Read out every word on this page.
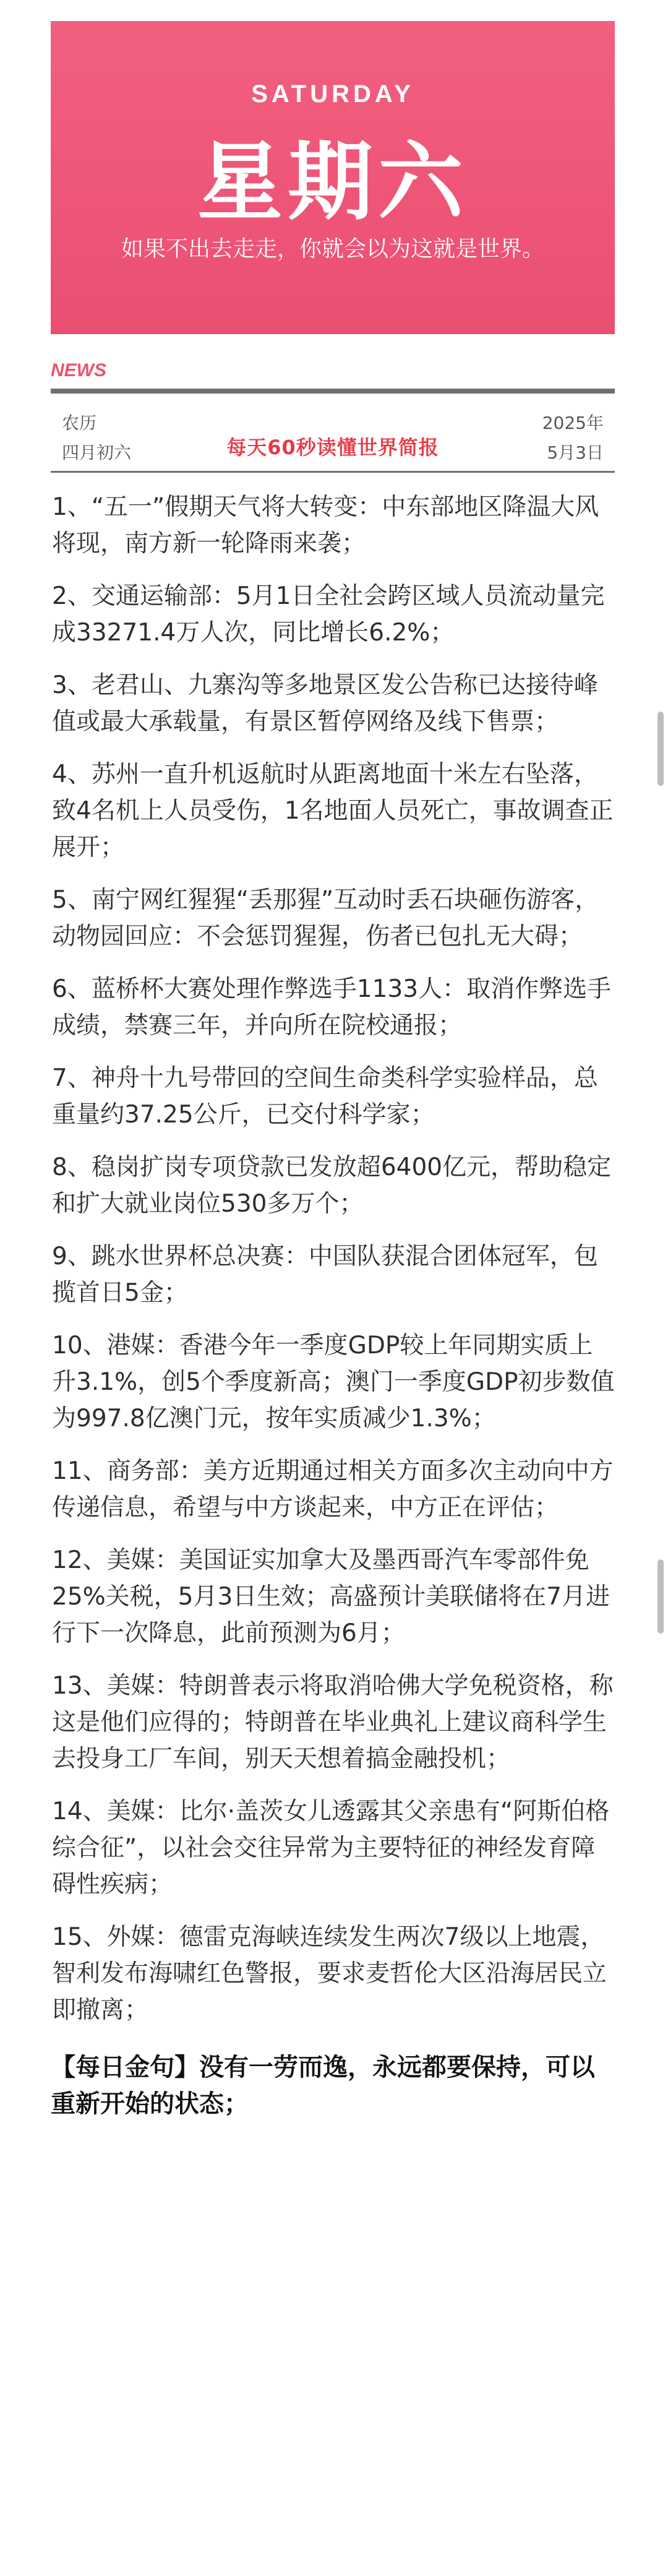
SATURDAY
星期六
如果不出去走走，你就会以为这就是世界。
NEWS
农历
四月初六	每天60秒读懂世界简报
2025年
5月3日
1、“五一”假期天气将大转变：中东部地区降温大风将现，南方新一轮降雨来袭；
2、交通运输部：5月1日全社会跨区域人员流动量完成33271.4万人次，同比增长6.2%；
3、老君山、九寨沟等多地景区发公告称已达接待峰值或最大承载量，有景区暂停网络及线下售票；
4、苏州一直升机返航时从距离地面十米左右坠落，致4名机上人员受伤，1名地面人员死亡，事故调查正展开；
5、南宁网红猩猩“丢那猩”互动时丢石块砸伤游客，动物园回应：不会惩罚猩猩，伤者已包扎无大碍；
6、蓝桥杯大赛处理作弊选手1133人：取消作弊选手成绩，禁赛三年，并向所在院校通报；
7、神舟十九号带回的空间生命类科学实验样品，总重量约37.25公斤，已交付科学家；
8、稳岗扩岗专项贷款已发放超6400亿元，帮助稳定和扩大就业岗位530多万个；
9、跳水世界杯总决赛：中国队获混合团体冠军，包揽首日5金；
10、港媒：香港今年一季度GDP较上年同期实质上升3.1%，创5个季度新高；澳门一季度GDP初步数值为997.8亿澳门元，按年实质减少1.3%；
11、商务部：美方近期通过相关方面多次主动向中方传递信息，希望与中方谈起来，中方正在评估；
12、美媒：美国证实加拿大及墨西哥汽车零部件免25%关税，5月3日生效；高盛预计美联储将在7月进行下一次降息，此前预测为6月；
13、美媒：特朗普表示将取消哈佛大学免税资格，称这是他们应得的；特朗普在毕业典礼上建议商科学生去投身工厂车间，别天天想着搞金融投机；
14、美媒：比尔·盖茨女儿透露其父亲患有“阿斯伯格综合征”，以社会交往异常为主要特征的神经发育障碍性疾病；
15、外媒：德雷克海峡连续发生两次7级以上地震，智利发布海啸红色警报，要求麦哲伦大区沿海居民立即撤离；
【每日金句】没有一劳而逸，永远都要保持，可以重新开始的状态；
